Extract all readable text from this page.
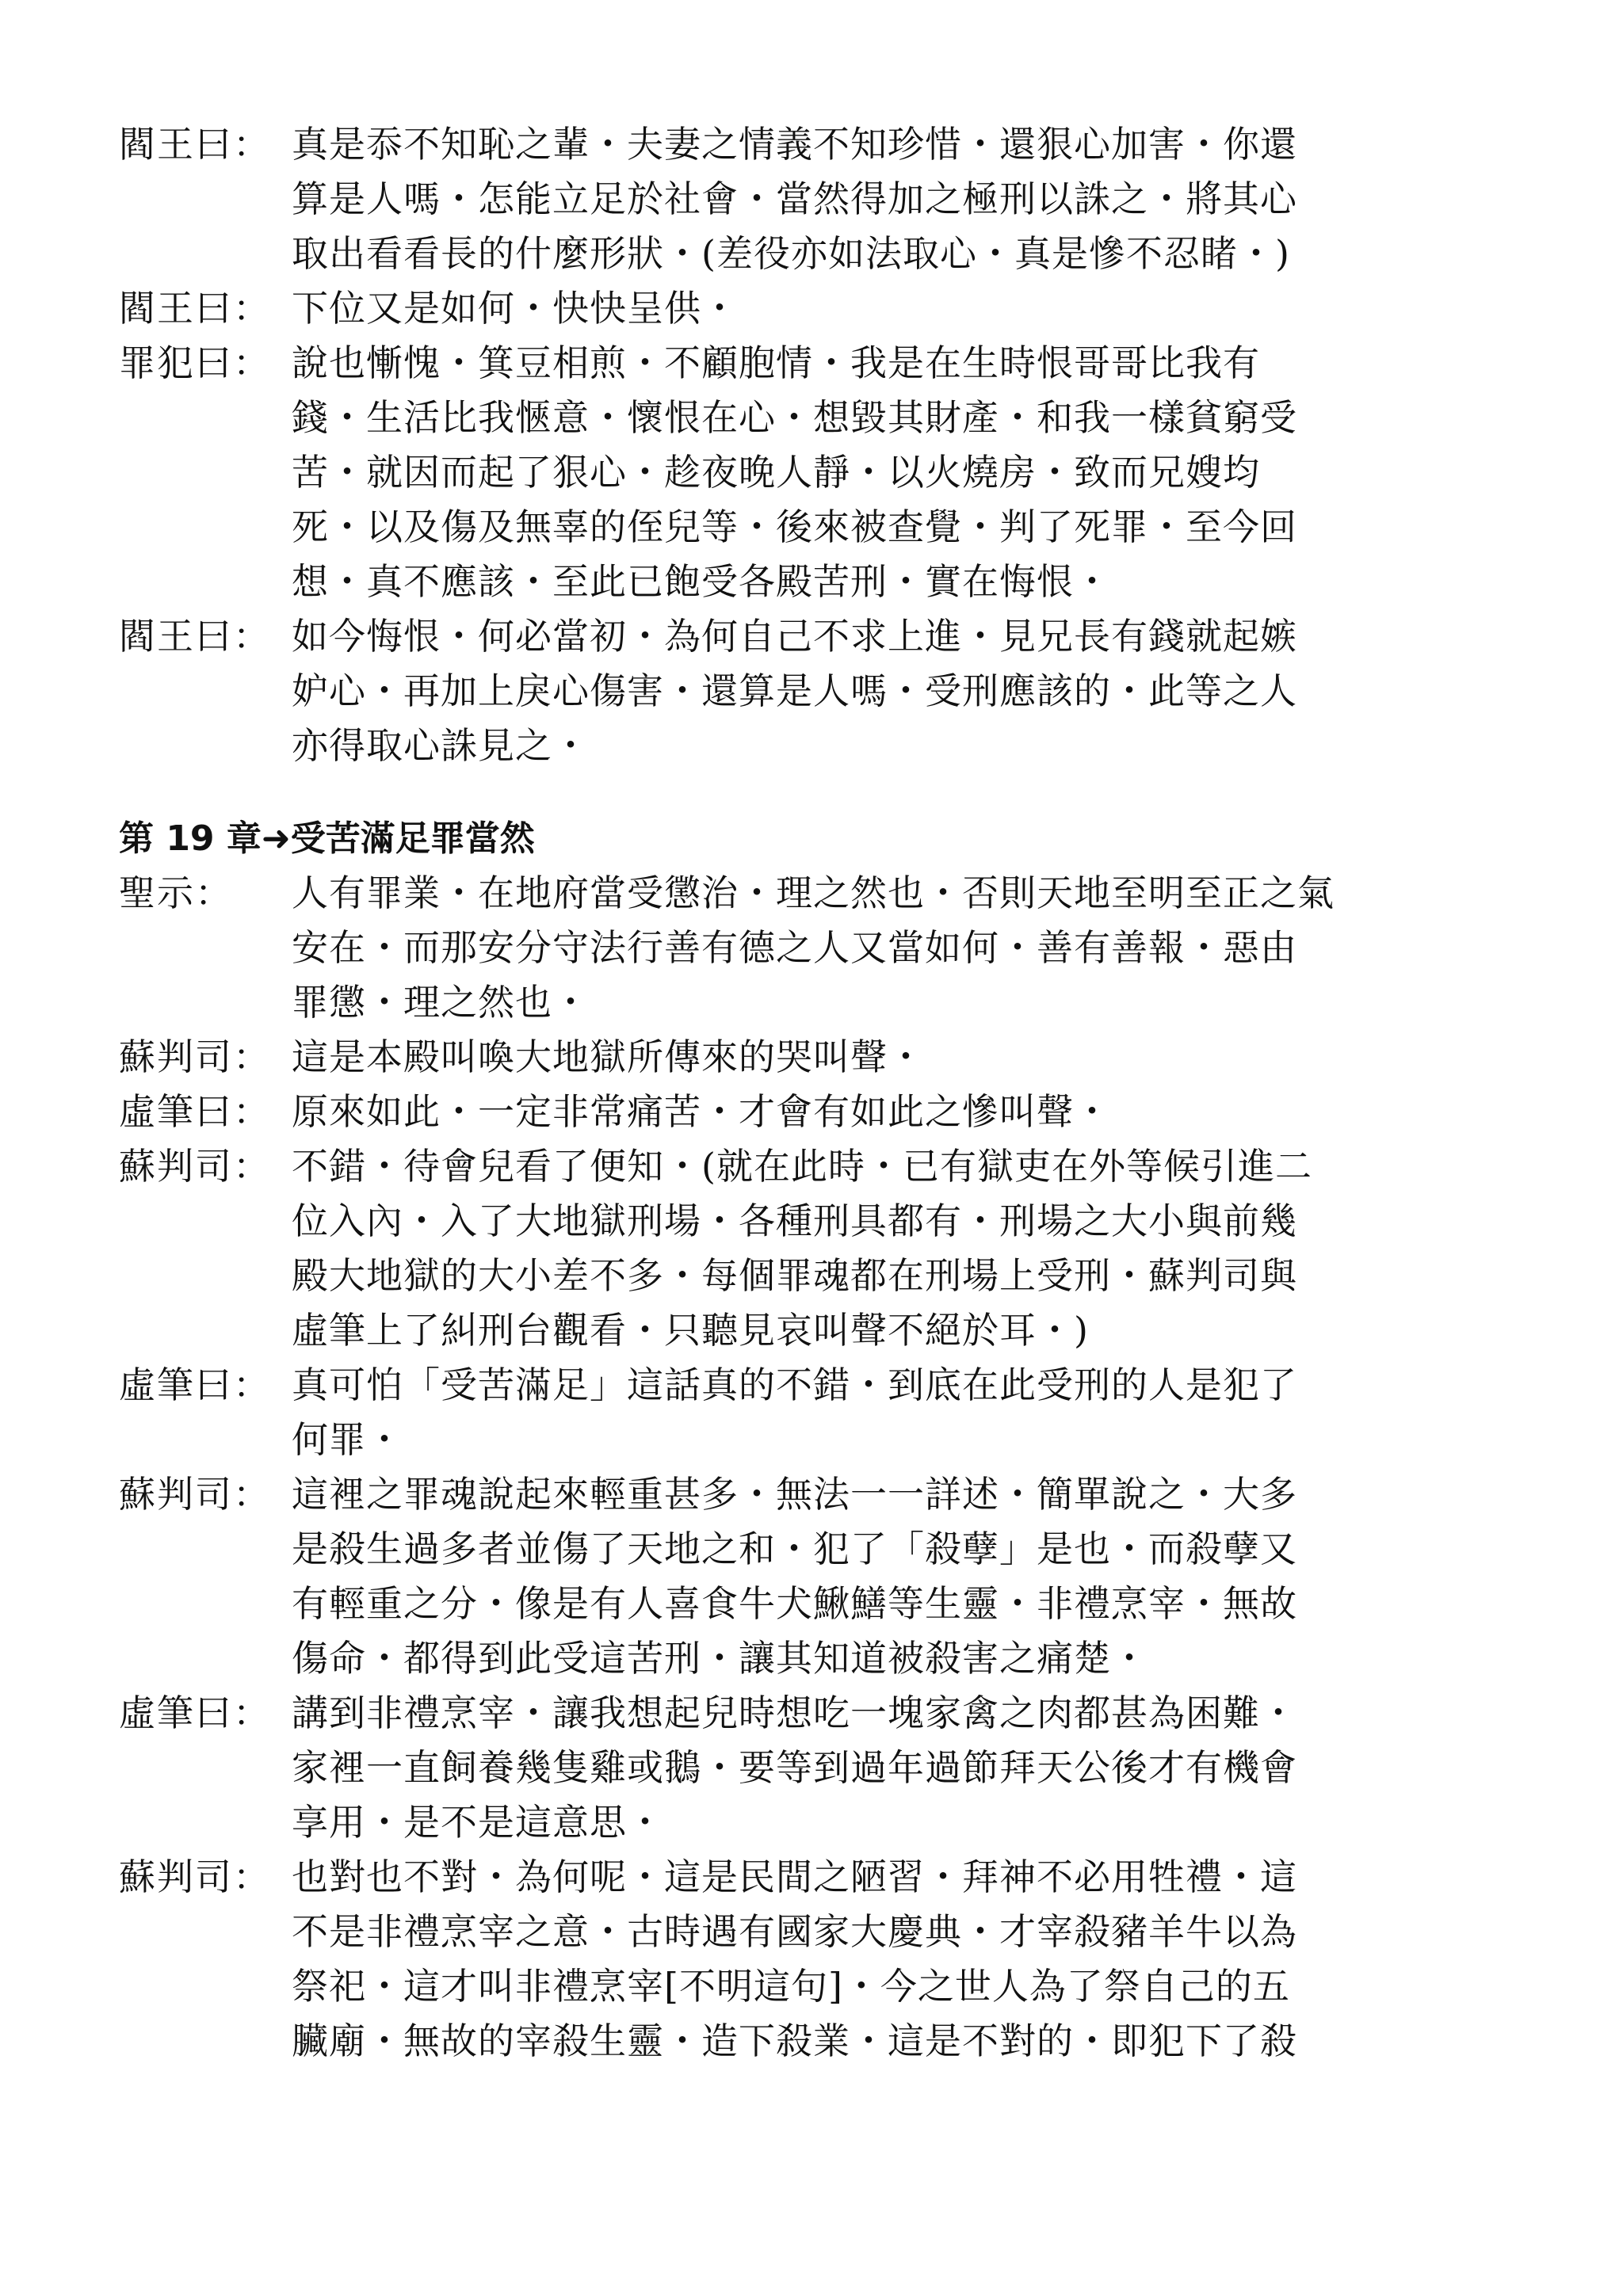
閻王曰： 真是忝不知恥之輩・夫妻之情義不知珍惜・還狠心加害・你還
算是人嗎・怎能立足於社會・當然得加之極刑以誅之・將其心
取出看看長的什麼形狀・(差役亦如法取心・真是慘不忍睹・)
閻王曰： 下位又是如何・快快呈供・
罪犯曰： 說也慚愧・箕豆相煎・不顧胞情・我是在生時恨哥哥比我有
錢・生活比我愜意・懷恨在心・想毀其財產・和我一樣貧窮受
苦・就因而起了狠心・趁夜晚人靜・以火燒房・致而兄嫂均
死・以及傷及無辜的侄兒等・後來被查覺・判了死罪・至今回
想・真不應該・至此已飽受各殿苦刑・實在悔恨・
閻王曰： 如今悔恨・何必當初・為何自己不求上進・見兄長有錢就起嫉
妒心・再加上戾心傷害・還算是人嗎・受刑應該的・此等之人
亦得取心誅見之・
第 19 章➜受苦滿足罪當然
聖示：	人有罪業・在地府當受懲治・理之然也・否則天地至明至正之氣
安在・而那安分守法行善有德之人又當如何・善有善報・惡由
罪懲・理之然也・
蘇判司： 這是本殿叫喚大地獄所傳來的哭叫聲・
虛筆曰： 原來如此・一定非常痛苦・才會有如此之慘叫聲・
蘇判司： 不錯・待會兒看了便知・(就在此時・已有獄吏在外等候引進二
位入內・入了大地獄刑場・各種刑具都有・刑場之大小與前幾
殿大地獄的大小差不多・每個罪魂都在刑場上受刑・蘇判司與
虛筆上了糾刑台觀看・只聽見哀叫聲不絕於耳・)
虛筆曰： 真可怕「受苦滿足」這話真的不錯・到底在此受刑的人是犯了
何罪・
蘇判司： 這裡之罪魂說起來輕重甚多・無法一一詳述・簡單說之・大多
是殺生過多者並傷了天地之和・犯了「殺孽」是也・而殺孽又
有輕重之分・像是有人喜食牛犬鰍鱔等生靈・非禮烹宰・無故
傷命・都得到此受這苦刑・讓其知道被殺害之痛楚・
虛筆曰： 講到非禮烹宰・讓我想起兒時想吃一塊家禽之肉都甚為困難・
家裡一直飼養幾隻雞或鵝・要等到過年過節拜天公後才有機會
享用・是不是這意思・
蘇判司： 也對也不對・為何呢・這是民間之陋習・拜神不必用牲禮・這
不是非禮烹宰之意・古時遇有國家大慶典・才宰殺豬羊牛以為
祭祀・這才叫非禮烹宰[不明這句]・今之世人為了祭自己的五
臟廟・無故的宰殺生靈・造下殺業・這是不對的・即犯下了殺
